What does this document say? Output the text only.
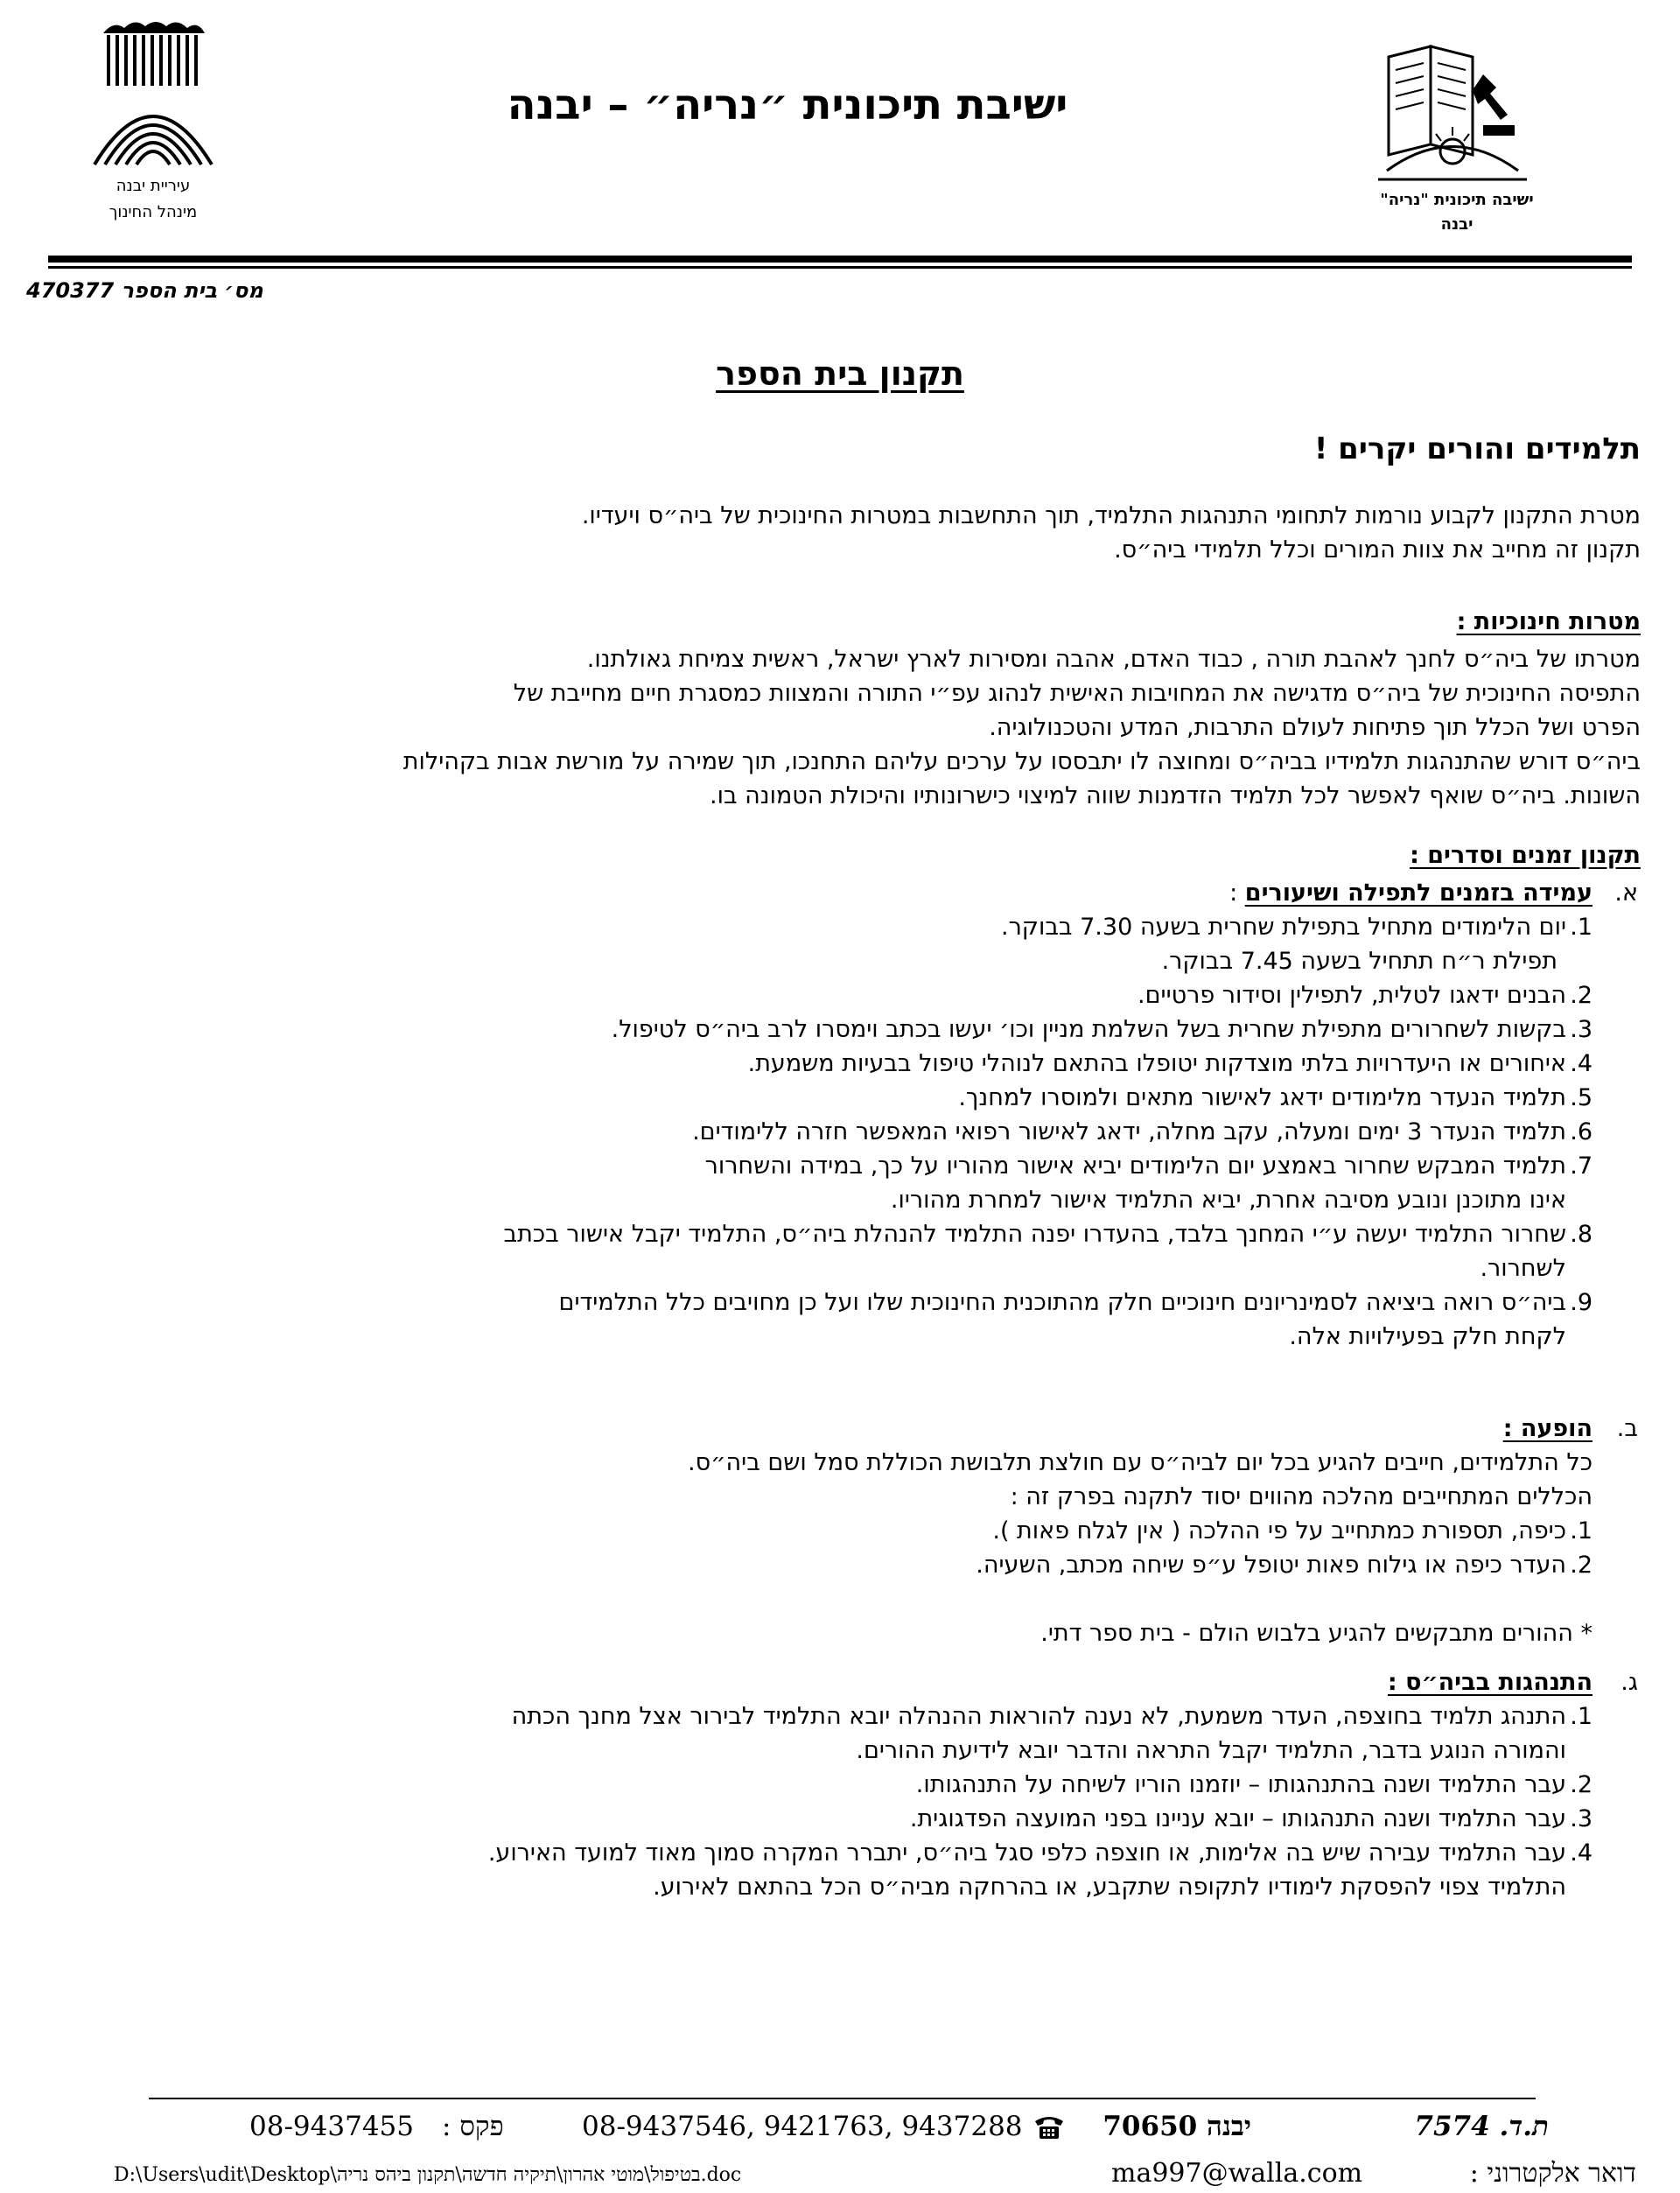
ישיבת תיכונית ״נריה״ – יבנה
ישיבה תיכונית "נריה"
יבנה
עיריית יבנה
מינהל החינוך
מס׳ בית הספר 470377
תקנון בית הספר
תלמידים והורים יקרים !
מטרת התקנון לקבוע נורמות לתחומי התנהגות התלמיד, תוך התחשבות במטרות החינוכית של ביה״ס ויעדיו.
תקנון זה מחייב את צוות המורים וכלל תלמידי ביה״ס.
מטרות חינוכיות :
מטרתו של ביה״ס לחנך לאהבת תורה , כבוד האדם, אהבה ומסירות לארץ ישראל, ראשית צמיחת גאולתנו.
התפיסה החינוכית של ביה״ס מדגישה את המחויבות האישית לנהוג עפ״י התורה והמצוות כמסגרת חיים מחייבת של
הפרט ושל הכלל תוך פתיחות לעולם התרבות, המדע והטכנולוגיה.
ביה״ס דורש שהתנהגות תלמידיו בביה״ס ומחוצה לו יתבססו על ערכים עליהם התחנכו, תוך שמירה על מורשת אבות בקהילות
השונות. ביה״ס שואף לאפשר לכל תלמיד הזדמנות שווה למיצוי כישרונותיו והיכולת הטמונה בו.
תקנון זמנים וסדרים :
א.
עמידה בזמנים לתפילה ושיעורים :
1.
יום הלימודים מתחיל בתפילת שחרית בשעה 7.30 בבוקר.
תפילת ר״ח תתחיל בשעה 7.45 בבוקר.
2.
הבנים ידאגו לטלית, לתפילין וסידור פרטיים.
3.
בקשות לשחרורים מתפילת שחרית בשל השלמת מניין וכו׳ יעשו בכתב וימסרו לרב ביה״ס לטיפול.
4.
איחורים או היעדרויות בלתי מוצדקות יטופלו בהתאם לנוהלי טיפול בבעיות משמעת.
5.
תלמיד הנעדר מלימודים ידאג לאישור מתאים ולמוסרו למחנך.
6.
תלמיד הנעדר 3 ימים ומעלה, עקב מחלה, ידאג לאישור רפואי המאפשר חזרה ללימודים.
7.
תלמיד המבקש שחרור באמצע יום הלימודים יביא אישור מהוריו על כך, במידה והשחרור
אינו מתוכנן ונובע מסיבה אחרת, יביא התלמיד אישור למחרת מהוריו.
8.
שחרור התלמיד יעשה ע״י המחנך בלבד, בהעדרו יפנה התלמיד להנהלת ביה״ס, התלמיד יקבל אישור בכתב
לשחרור.
9.
ביה״ס רואה ביציאה לסמינריונים חינוכיים חלק מהתוכנית החינוכית שלו ועל כן מחויבים כלל התלמידים
לקחת חלק בפעילויות אלה.
ב.
הופעה :
כל התלמידים, חייבים להגיע בכל יום לביה״ס עם חולצת תלבושת הכוללת סמל ושם ביה״ס.
הכללים המתחייבים מהלכה מהווים יסוד לתקנה בפרק זה :
1.
כיפה, תספורת כמתחייב על פי ההלכה ( אין לגלח פאות ).
2.
העדר כיפה או גילוח פאות יטופל ע״פ שיחה מכתב, השעיה.
* ההורים מתבקשים להגיע בלבוש הולם - בית ספר דתי.
ג.
התנהגות בביה״ס :
1.
התנהג תלמיד בחוצפה, העדר משמעת, לא נענה להוראות ההנהלה יובא התלמיד לבירור אצל מחנך הכתה
והמורה הנוגע בדבר, התלמיד יקבל התראה והדבר יובא לידיעת ההורים.
2.
עבר התלמיד ושנה בהתנהגותו – יוזמנו הוריו לשיחה על התנהגותו.
3.
עבר התלמיד ושנה התנהגותו – יובא עניינו בפני המועצה הפדגוגית.
4.
עבר התלמיד עבירה שיש בה אלימות, או חוצפה כלפי סגל ביה״ס, יתברר המקרה סמוך מאוד למועד האירוע.
התלמיד צפוי להפסקת לימודיו לתקופה שתקבע, או בהרחקה מביה״ס הכל בהתאם לאירוע.
ת.ד. 7574
יבנה 70650
08-9437546, 9421763, 9437288
פקס :
08-9437455
דואר אלקטרוני :
ma997@walla.com
D:\Users\udit\Desktop\בטיפול\מוטי אהרון\תיקיה חדשה\תקנון ביהס נריה.doc
